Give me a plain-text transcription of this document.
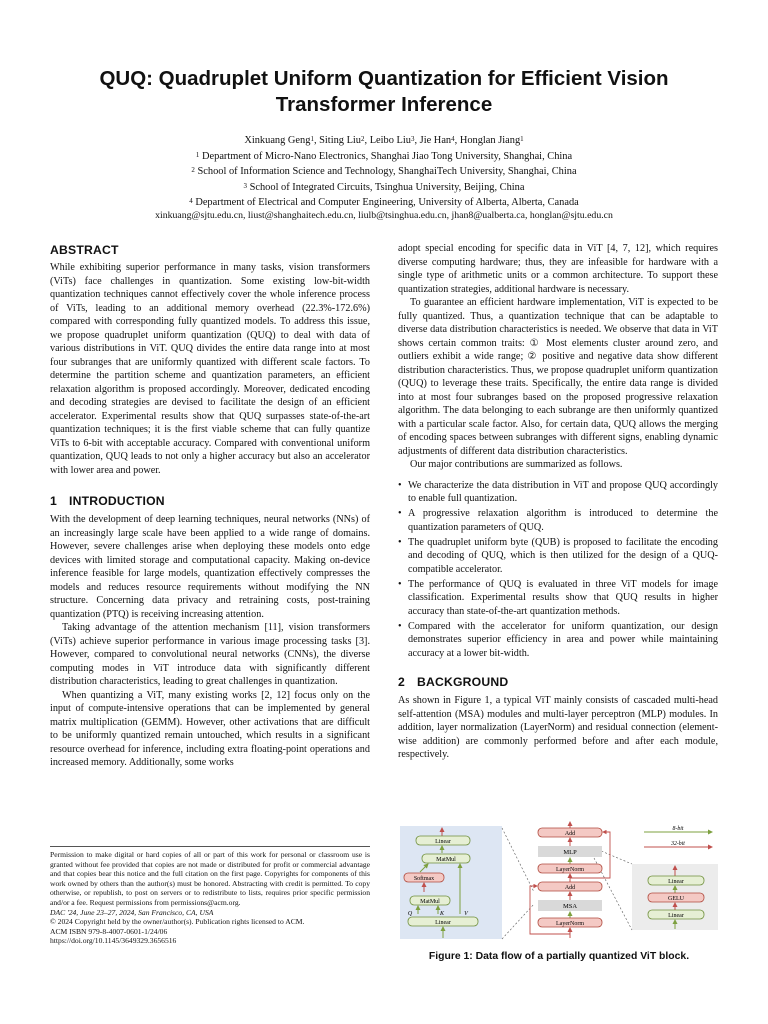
QUQ: Quadruplet Uniform Quantization for Efficient Vision Transformer Inference
Xinkuang Geng$^1$, Siting Liu$^2$, Leibo Liu$^3$, Jie Han$^4$, Honglan Jiang$^1$
$^1$ Department of Micro-Nano Electronics, Shanghai Jiao Tong University, Shanghai, China
$^2$ School of Information Science and Technology, ShanghaiTech University, Shanghai, China
$^3$ School of Integrated Circuits, Tsinghua University, Beijing, China
$^4$ Department of Electrical and Computer Engineering, University of Alberta, Alberta, Canada
xinkuang@sjtu.edu.cn, liust@shanghaitech.edu.cn, liulb@tsinghua.edu.cn, jhan8@ualberta.ca, honglan@sjtu.edu.cn
ABSTRACT

While exhibiting superior performance in many tasks, vision transformers (ViTs) face challenges in quantization. Some existing low-bit-width quantization techniques cannot effectively cover the whole inference process of ViTs, leading to an additional memory overhead (22.3%-172.6%) compared with corresponding fully quantized models. To address this issue, we propose quadruplet uniform quantization (QUQ) to deal with data of various distributions in ViT. QUQ divides the entire data range into at most four subranges that are uniformly quantized with different scale factors. To determine the partition scheme and quantization parameters, an efficient relaxation algorithm is proposed accordingly. Moreover, dedicated encoding and decoding strategies are devised to facilitate the design of an efficient accelerator. Experimental results show that QUQ surpasses state-of-the-art quantization techniques; it is the first viable scheme that can fully quantize ViTs to 6-bit with acceptable accuracy. Compared with conventional uniform quantization, QUQ leads to not only a higher accuracy but also an accelerator with lower area and power.

1 INTRODUCTION

With the development of deep learning techniques, neural networks (NNs) of an increasingly large scale have been applied to a wide range of domains. However, severe challenges arise when deploying these models onto edge devices with limited storage and computational capacity. Making on-device inference feasible for large models, quantization effectively compresses the models and reduces resource requirements without modifying the NN structure. Concerning data privacy and retraining costs, post-training quantization (PTQ) is receiving increasing attention.

Taking advantage of the attention mechanism [11], vision transformers (ViTs) achieve superior performance in various image processing tasks [3]. However, compared to convolutional neural networks (CNNs), the diverse computing modes in ViT introduce data with significantly different distribution characteristics, leading to great challenges in quantization.

When quantizing a ViT, many existing works [2, 12] focus only on the input of compute-intensive operations that can be implemented by general matrix multiplication (GEMM). However, other activations that are difficult to be uniformly quantized remain untouched, which results in a significant resource overhead for inference, including extra floating-point operations and increased memory. Additionally, some works

Permission to make digital or hard copies of all or part of this work for personal or classroom use is granted without fee provided that copies are not made or distributed for profit or commercial advantage and that copies bear this notice and the full citation on the first page. Copyrights for components of this work owned by others than the author(s) must be honored. Abstracting with credit is permitted. To copy otherwise, or republish, to post on servers or to redistribute to lists, requires prior specific permission and/or a fee. Request permissions from permissions@acm.org.
DAC '24, June 23–27, 2024, San Francisco, CA, USA
© 2024 Copyright held by the owner/author(s). Publication rights licensed to ACM.
ACM ISBN 979-8-4007-0601-1/24/06
https://doi.org/10.1145/3649329.3656516

adopt special encoding for specific data in ViT [4, 7, 12], which requires diverse computing hardware; thus, they are infeasible for hardware with a single type of arithmetic units or a common architecture. To support these quantization strategies, additional hardware is necessary.

To guarantee an efficient hardware implementation, ViT is expected to be fully quantized. Thus, a quantization technique that can be adaptable to diverse data distribution characteristics is needed. We observe that data in ViT shows certain common traits: ① Most elements cluster around zero, and outliers exhibit a wide range; ② positive and negative data show different distribution characteristics. Thus, we propose quadruplet uniform quantization (QUQ) to leverage these traits. Specifically, the entire data range is divided into at most four subranges based on the proposed progressive relaxation algorithm. The data belonging to each subrange are then uniformly quantized with a particular scale factor. Also, for certain data, QUQ allows the merging of encoding spaces between subranges with different signs, enabling dynamic adjustments of different data distribution characteristics.

Our major contributions are summarized as follows.

• We characterize the data distribution in ViT and propose QUQ accordingly to enable full quantization.
• A progressive relaxation algorithm is introduced to determine the quantization parameters of QUQ.
• The quadruplet uniform byte (QUB) is proposed to facilitate the encoding and decoding of QUQ, which is then utilized for the design of a QUQ-compatible accelerator.
• The performance of QUQ is evaluated in three ViT models for image classification. Experimental results show that QUQ results in higher accuracy than state-of-the-art quantization methods.
• Compared with the accelerator for uniform quantization, our design demonstrates superior efficiency in area and power while maintaining accuracy at a lower bit-width.
2 BACKGROUND

As shown in Figure 1, a typical ViT mainly consists of cascaded multi-head self-attention (MSA) modules and multi-layer perceptron (MLP) modules. In addition, layer normalization (LayerNorm) and residual connection (element-wise addition) are commonly performed before and after each module, respectively.

Linear
MatMul
Softmax
MatMul
Q	K	V
Linear
Add
MLP
LayerNorm
Add
MSA
LayerNorm
8-bit
32-bit
Linear
GELU
Linear
Figure 1: Data flow of a partially quantized ViT block.
